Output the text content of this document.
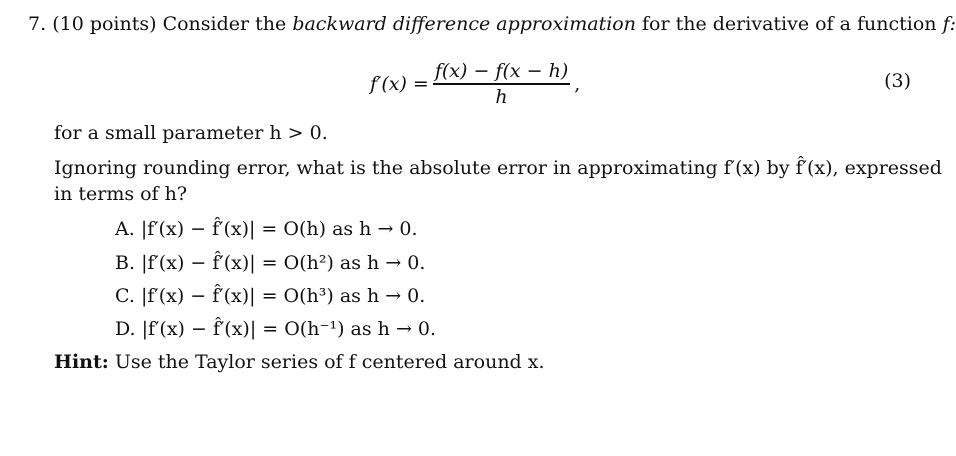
7. (10 points) Consider the backward difference approximation for the derivative of a function f:
$f'(x) = \frac{f(x) - f(x - h)}{h}$ ,	(3)
for a small parameter h > 0.
Ignoring rounding error, what is the absolute error in approximating f′(x) by f̂′(x), expressed
in terms of h?
A. |f′(x) − f̂′(x)| = O(h) as h → 0.
B. |f′(x) − f̂′(x)| = O(h²) as h → 0.
C. |f′(x) − f̂′(x)| = O(h³) as h → 0.
D. |f′(x) − f̂′(x)| = O(h⁻¹) as h → 0.
Hint: Use the Taylor series of f centered around x.
